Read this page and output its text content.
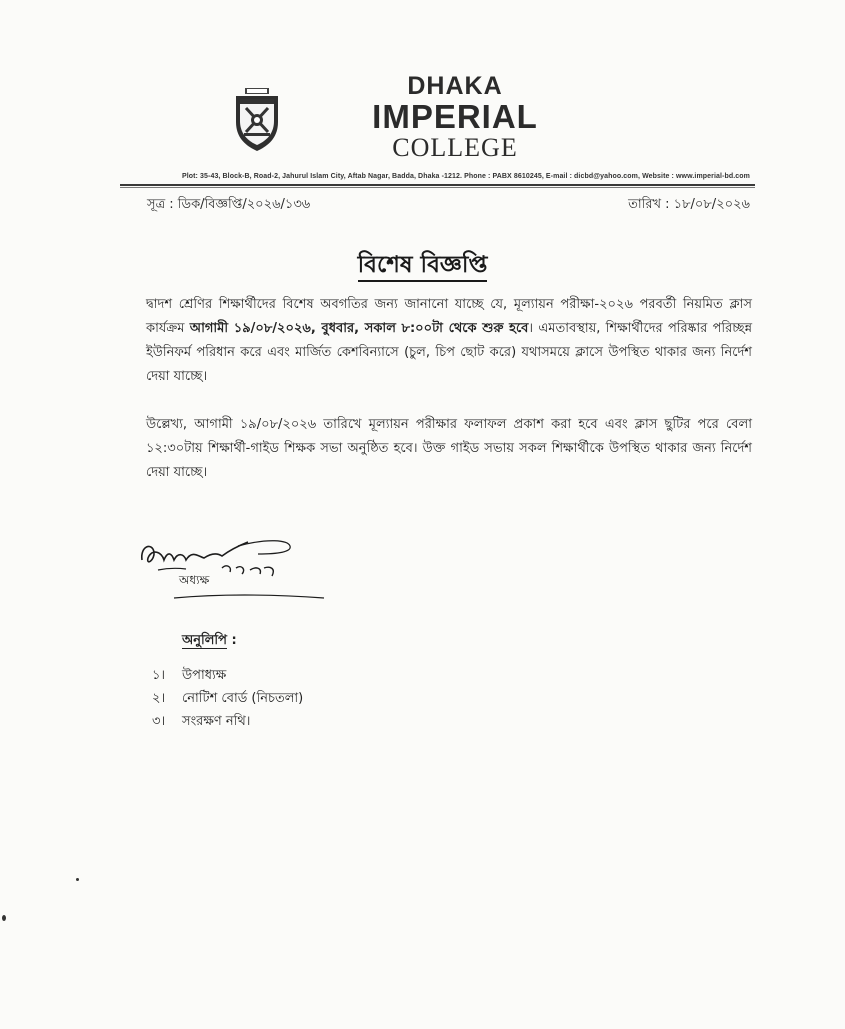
DHAKA
IMPERIAL
COLLEGE
Plot: 35-43, Block-B, Road-2, Jahurul Islam City, Aftab Nagar, Badda, Dhaka -1212. Phone : PABX 8610245, E-mail : dicbd@yahoo.com, Website : www.imperial-bd.com
সূত্র : ডিক/বিজ্ঞপ্তি/২০২৬/১৩৬	তারিখ : ১৮/০৮/২০২৬
বিশেষ বিজ্ঞপ্তি
দ্বাদশ শ্রেণির শিক্ষার্থীদের বিশেষ অবগতির জন্য জানানো যাচ্ছে যে, মূল্যায়ন পরীক্ষা-২০২৬ পরবর্তী নিয়মিত ক্লাস কার্যক্রম আগামী ১৯/০৮/২০২৬, বুধবার, সকাল ৮:০০টা থেকে শুরু হবে। এমতাবস্থায়, শিক্ষার্থীদের পরিষ্কার পরিচ্ছন্ন ইউনিফর্ম পরিধান করে এবং মার্জিত কেশবিন্যাসে (চুল, চিপ ছোট করে) যথাসময়ে ক্লাসে উপস্থিত থাকার জন্য নির্দেশ দেয়া যাচ্ছে।
উল্লেখ্য, আগামী ১৯/০৮/২০২৬ তারিখে মূল্যায়ন পরীক্ষার ফলাফল প্রকাশ করা হবে এবং ক্লাস ছুটির পরে বেলা ১২:৩০টায় শিক্ষার্থী-গাইড শিক্ষক সভা অনুষ্ঠিত হবে। উক্ত গাইড সভায় সকল শিক্ষার্থীকে উপস্থিত থাকার জন্য নির্দেশ দেয়া যাচ্ছে।
অধ্যক্ষ
অনুলিপি :
১। উপাধ্যক্ষ
২। নোটিশ বোর্ড (নিচতলা)
৩। সংরক্ষণ নথি।
